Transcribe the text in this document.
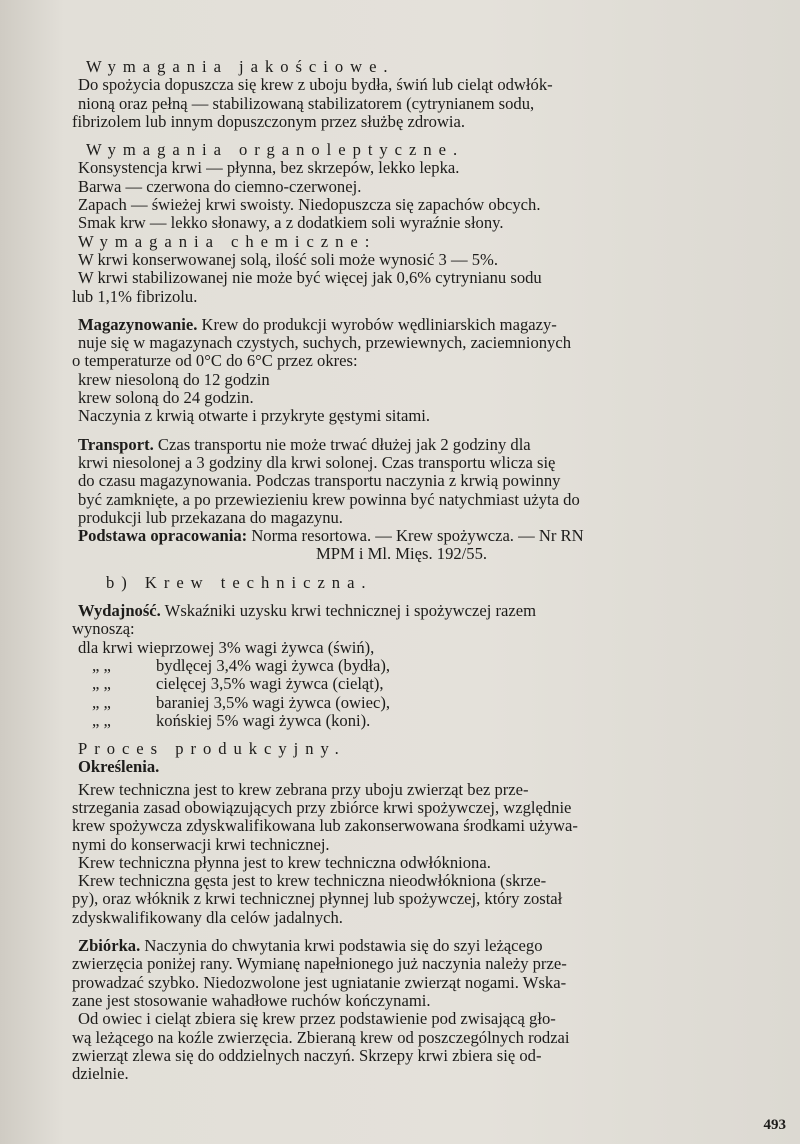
Wymagania jakościowe.

Do spożycia dopuszcza się krew z uboju bydła, świń lub cieląt odwłók-

nioną oraz pełną — stabilizowaną stabilizatorem (cytrynianem sodu,

fibrizolem lub innym dopuszczonym przez służbę zdrowia.

Wymagania organoleptyczne.

Konsystencja krwi — płynna, bez skrzepów, lekko lepka.

Barwa — czerwona do ciemno-czerwonej.

Zapach — świeżej krwi swoisty. Niedopuszcza się zapachów obcych.

Smak krw — lekko słonawy, a z dodatkiem soli wyraźnie słony.

Wymagania chemiczne:

W krwi konserwowanej solą, ilość soli może wynosić 3 — 5%.

W krwi stabilizowanej nie może być więcej jak 0,6% cytrynianu sodu

lub 1,1% fibrizolu.

Magazynowanie. Krew do produkcji wyrobów wędliniarskich magazy-

nuje się w magazynach czystych, suchych, przewiewnych, zaciemnionych

o temperaturze od 0°C do 6°C przez okres:

krew niesoloną do 12 godzin

krew soloną do 24 godzin.

Naczynia z krwią otwarte i przykryte gęstymi sitami.

Transport. Czas transportu nie może trwać dłużej jak 2 godziny dla

krwi niesolonej a 3 godziny dla krwi solonej. Czas transportu wlicza się

do czasu magazynowania. Podczas transportu naczynia z krwią powinny

być zamknięte, a po przewiezieniu krew powinna być natychmiast użyta do

produkcji lub przekazana do magazynu.

Podstawa opracowania: Norma resortowa. — Krew spożywcza. — Nr RN

MPM i Ml. Mięs. 192/55.

b) Krew techniczna.

Wydajność. Wskaźniki uzysku krwi technicznej i spożywczej razem

wynoszą:

dla krwi wieprzowej 3% wagi żywca (świń),

„ „	bydlęcej 3,4% wagi żywca (bydła),

„ „	cielęcej 3,5% wagi żywca (cieląt),

„ „	baraniej 3,5% wagi żywca (owiec),

„ „	końskiej 5% wagi żywca (koni).

Proces produkcyjny.

Określenia.

Krew techniczna jest to krew zebrana przy uboju zwierząt bez prze-

strzegania zasad obowiązujących przy zbiórce krwi spożywczej, względnie

krew spożywcza zdyskwalifikowana lub zakonserwowana środkami używa-

nymi do konserwacji krwi technicznej.

Krew techniczna płynna jest to krew techniczna odwłókniona.

Krew techniczna gęsta jest to krew techniczna nieodwłókniona (skrze-

py), oraz włóknik z krwi technicznej płynnej lub spożywczej, który został

zdyskwalifikowany dla celów jadalnych.

Zbiórka. Naczynia do chwytania krwi podstawia się do szyi leżącego

zwierzęcia poniżej rany. Wymianę napełnionego już naczynia należy prze-

prowadzać szybko. Niedozwolone jest ugniatanie zwierząt nogami. Wska-

zane jest stosowanie wahadłowe ruchów kończynami.

Od owiec i cieląt zbiera się krew przez podstawienie pod zwisającą gło-

wą leżącego na koźle zwierzęcia. Zbieraną krew od poszczególnych rodzai

zwierząt zlewa się do oddzielnych naczyń. Skrzepy krwi zbiera się od-

dzielnie.

493
